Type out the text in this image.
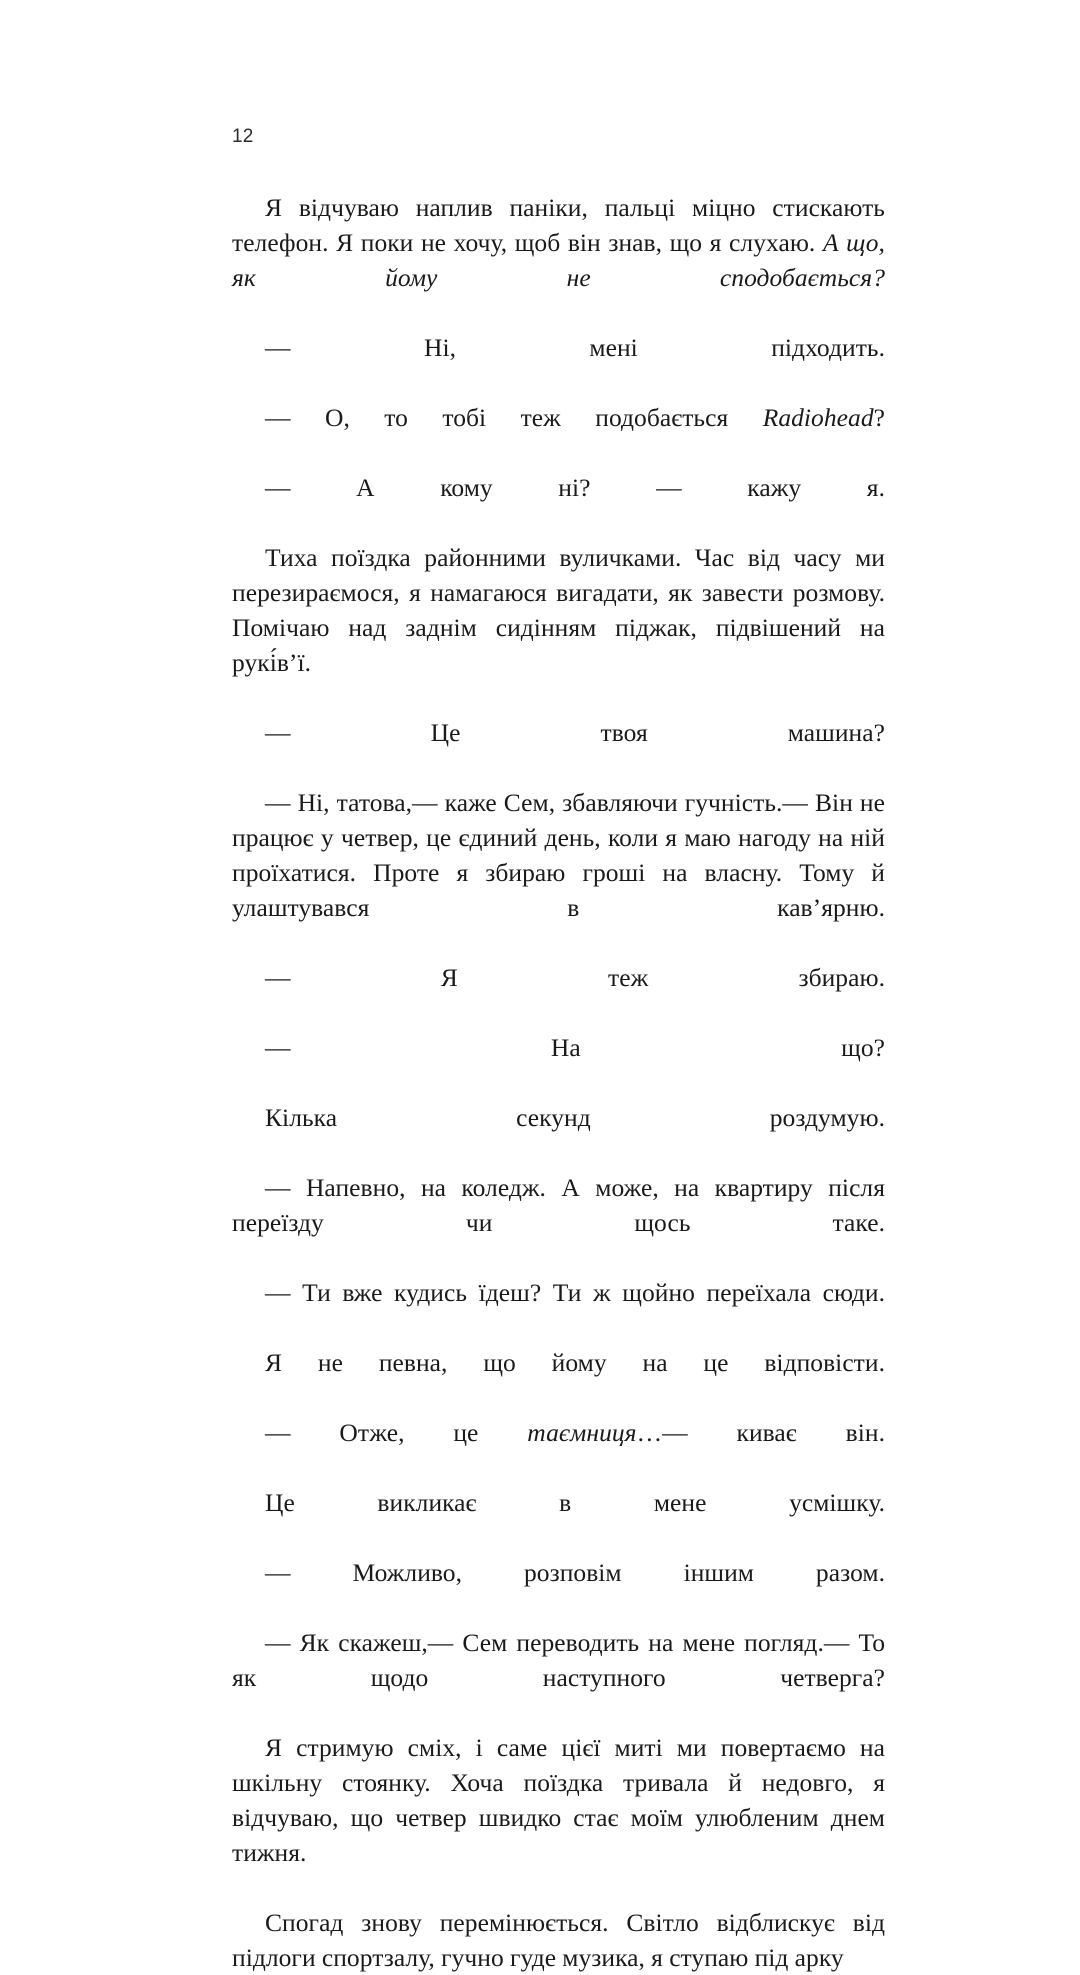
12

Я відчуваю наплив паніки, пальці міцно стискають телефон. Я поки не хочу, щоб він знав, що я слухаю. А що, як йому не сподобається?

— Ні, мені підходить.

— О, то тобі теж подобається Radiohead?

— А кому ні? — кажу я.

Тиха поїздка районними вуличками. Час від часу ми перезираємося, я намагаюся вигадати, як завести розмову. Помічаю над заднім сидінням піджак, підвішений на рукі́в’ї.

— Це твоя машина?

— Ні, татова,— каже Сем, збавляючи гучність.— Він не працює у четвер, це єдиний день, коли я маю нагоду на ній проїхатися. Проте я збираю гроші на власну. Тому й улаштувався в кав’ярню.

— Я теж збираю.

— На що?

Кілька секунд роздумую.

— Напевно, на коледж. А може, на квартиру після переїзду чи щось таке.

— Ти вже кудись їдеш? Ти ж щойно переїхала сюди.

Я не певна, що йому на це відповісти.

— Отже, це таємниця…— киває він.

Це викликає в мене усмішку.

— Можливо, розповім іншим разом.

— Як скажеш,— Сем переводить на мене погляд.— То як щодо наступного четверга?

Я стримую сміх, і саме цієї миті ми повертаємо на шкільну стоянку. Хоча поїздка тривала й недовго, я відчуваю, що четвер швидко стає моїм улюбленим днем тижня.

Спогад знову перемінюється. Світло відблискує від підлоги спортзалу, гучно гуде музика, я ступаю під арку
